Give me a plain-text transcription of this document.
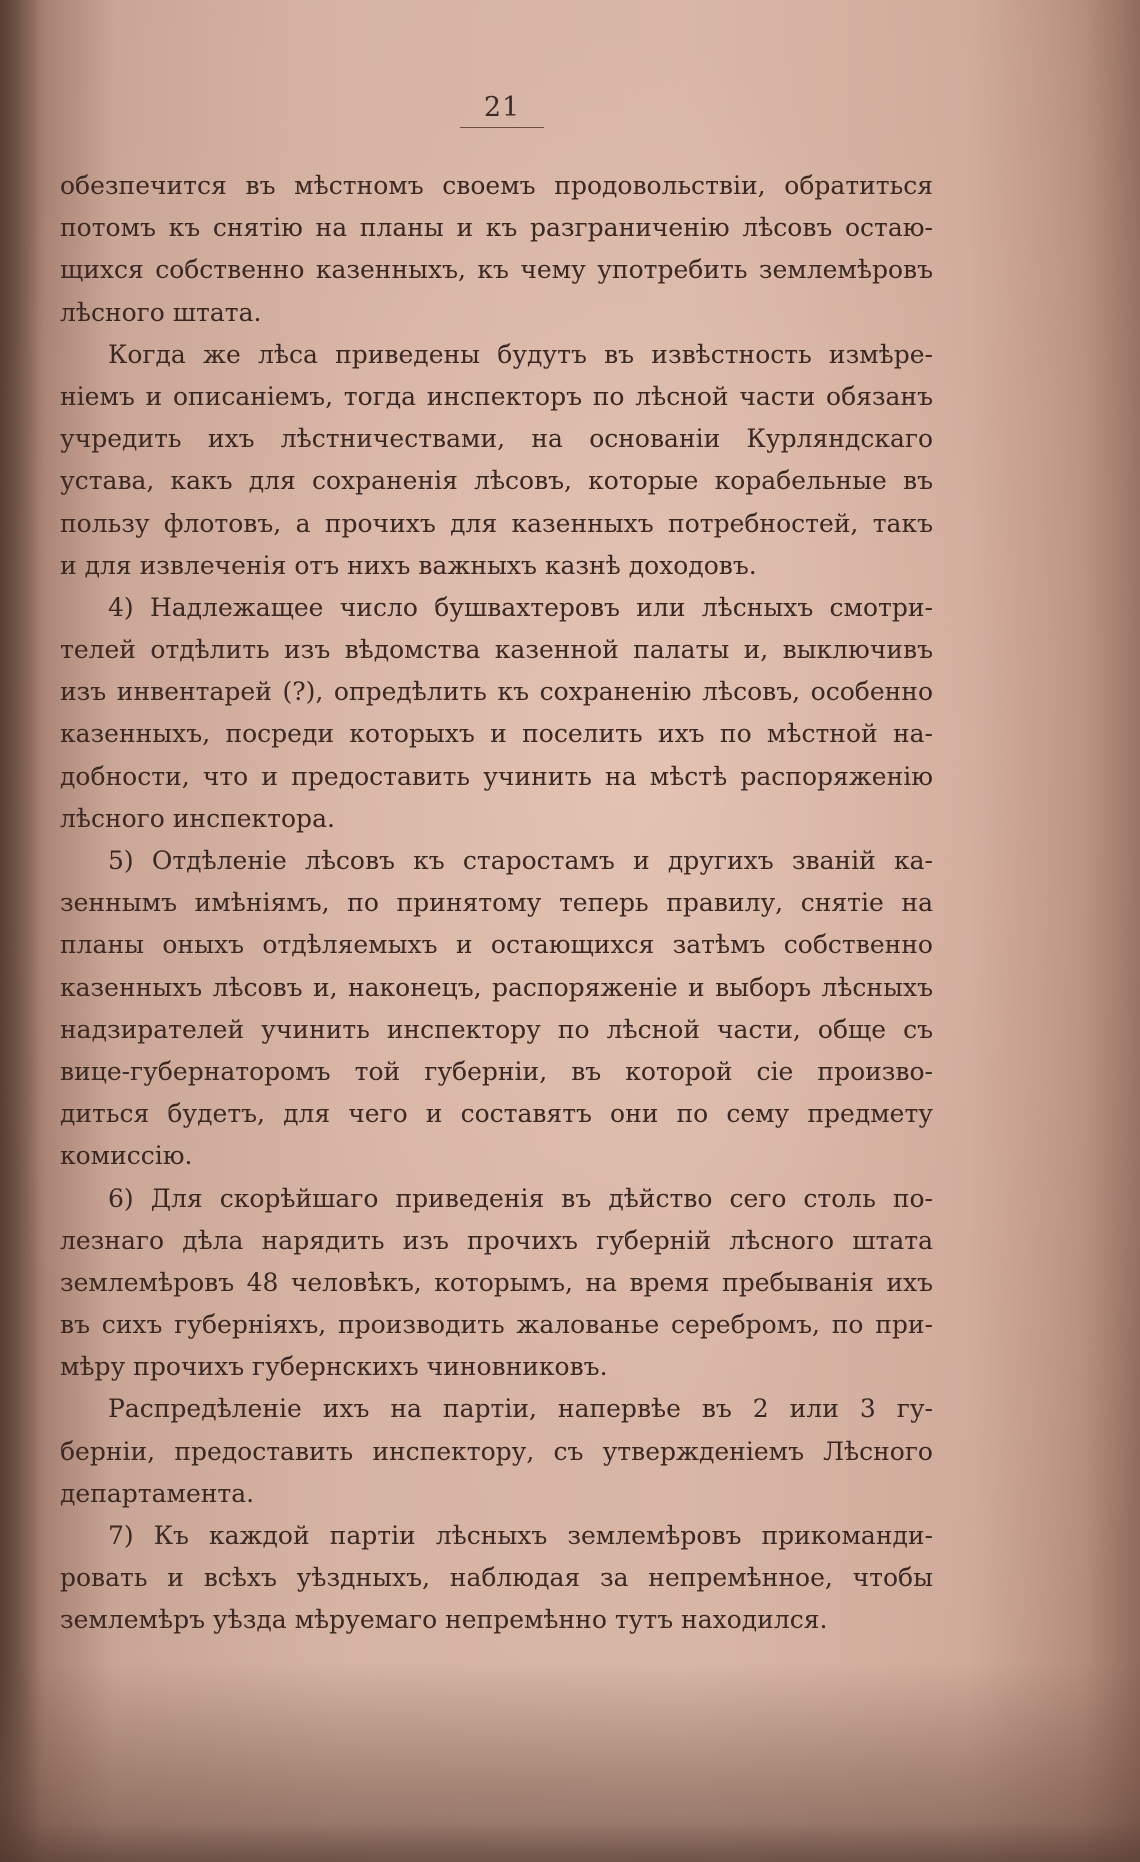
21
обезпечится въ мѣстномъ своемъ продовольствіи, обратиться
потомъ къ снятію на планы и къ разграниченію лѣсовъ остаю-
щихся собственно казенныхъ, къ чему употребить землемѣровъ
лѣсного штата.
Когда же лѣса приведены будутъ въ извѣстность измѣре-
ніемъ и описаніемъ, тогда инспекторъ по лѣсной части обязанъ
учредить ихъ лѣстничествами, на основаніи Курляндскаго
устава, какъ для сохраненія лѣсовъ, которые корабельные въ
пользу флотовъ, а прочихъ для казенныхъ потребностей, такъ
и для извлеченія отъ нихъ важныхъ казнѣ доходовъ.
4) Надлежащее число бушвахтеровъ или лѣсныхъ смотри-
телей отдѣлить изъ вѣдомства казенной палаты и, выключивъ
изъ инвентарей (?), опредѣлить къ сохраненію лѣсовъ, особенно
казенныхъ, посреди которыхъ и поселить ихъ по мѣстной на-
добности, что и предоставить учинить на мѣстѣ распоряженію
лѣсного инспектора.
5) Отдѣленіе лѣсовъ къ старостамъ и другихъ званій ка-
зеннымъ имѣніямъ, по принятому теперь правилу, снятіе на
планы оныхъ отдѣляемыхъ и остающихся затѣмъ собственно
казенныхъ лѣсовъ и, наконецъ, распоряженіе и выборъ лѣсныхъ
надзирателей учинить инспектору по лѣсной части, обще съ
вице-губернаторомъ той губерніи, въ которой сіе произво-
диться будетъ, для чего и составятъ они по сему предмету
комиссію.
6) Для скорѣйшаго приведенія въ дѣйство сего столь по-
лезнаго дѣла нарядить изъ прочихъ губерній лѣсного штата
землемѣровъ 48 человѣкъ, которымъ, на время пребыванія ихъ
въ сихъ губерніяхъ, производить жалованье серебромъ, по при-
мѣру прочихъ губернскихъ чиновниковъ.
Распредѣленіе ихъ на партіи, напервѣе въ 2 или 3 гу-
берніи, предоставить инспектору, съ утвержденіемъ Лѣсного
департамента.
7) Къ каждой партіи лѣсныхъ землемѣровъ прикоманди-
ровать и всѣхъ уѣздныхъ, наблюдая за непремѣнное, чтобы
землемѣръ уѣзда мѣруемаго непремѣнно тутъ находился.
